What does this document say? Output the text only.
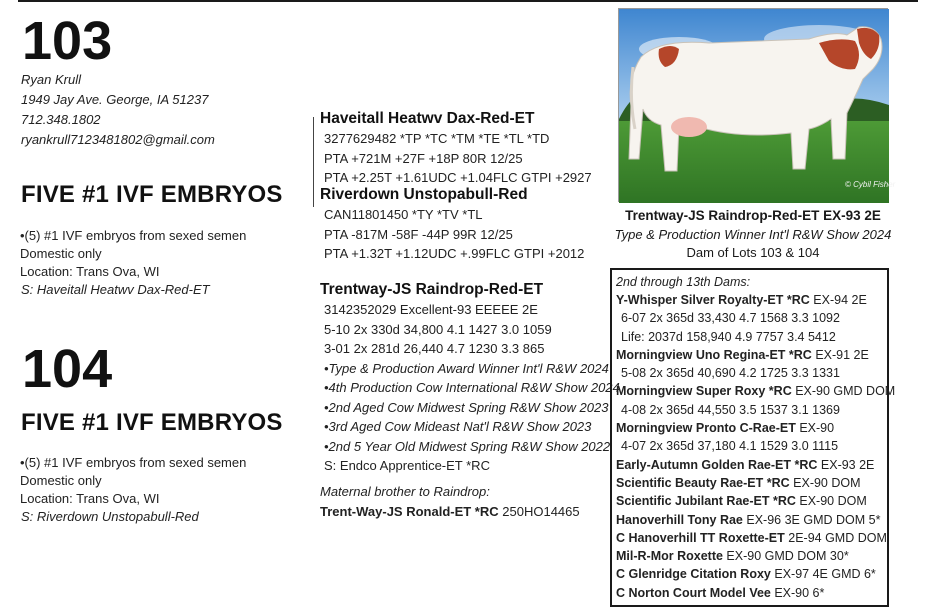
103
Ryan Krull
1949 Jay Ave. George, IA 51237
712.348.1802
ryankrull7123481802@gmail.com
FIVE #1 IVF EMBRYOS
•(5) #1 IVF embryos from sexed semen
Domestic only
Location: Trans Ova, WI
S: Haveitall Heatwv Dax-Red-ET
104
FIVE #1 IVF EMBRYOS
•(5) #1 IVF embryos from sexed semen
Domestic only
Location: Trans Ova, WI
S: Riverdown Unstopabull-Red
Haveitall Heatwv Dax-Red-ET
3277629482 *TP *TC *TM *TE *TL *TD
PTA +721M +27F +18P 80R 12/25
PTA +2.25T +1.61UDC +1.04FLC GTPI +2927
Riverdown Unstopabull-Red
CAN11801450 *TY *TV *TL
PTA -817M -58F -44P 99R 12/25
PTA +1.32T +1.12UDC +.99FLC GTPI +2012
Trentway-JS Raindrop-Red-ET
3142352029 Excellent-93 EEEEE 2E
5-10 2x 330d 34,800 4.1 1427 3.0 1059
3-01 2x 281d 26,440 4.7 1230 3.3 865
•Type & Production Award Winner Int'l R&W 2024
•4th Production Cow International R&W Show 2024
•2nd Aged Cow Midwest Spring R&W Show 2023
•3rd Aged Cow Mideast Nat'l R&W Show 2023
•2nd 5 Year Old Midwest Spring R&W Show 2022
S: Endco Apprentice-ET *RC
Maternal brother to Raindrop:
Trent-Way-JS Ronald-ET *RC 250HO14465
© Cybil Fisher
Trentway-JS Raindrop-Red-ET EX-93 2E
Type & Production Winner Int'l R&W Show 2024
Dam of Lots 103 & 104
2nd through 13th Dams:
Y-Whisper Silver Royalty-ET *RC EX-94 2E
6-07 2x 365d 33,430 4.7 1568 3.3 1092
Life: 2037d 158,940 4.9 7757 3.4 5412
Morningview Uno Regina-ET *RC EX-91 2E
5-08 2x 365d 40,690 4.2 1725 3.3 1331
Morningview Super Roxy *RC EX-90 GMD DOM
4-08 2x 365d 44,550 3.5 1537 3.1 1369
Morningview Pronto C-Rae-ET EX-90
4-07 2x 365d 37,180 4.1 1529 3.0 1115
Early-Autumn Golden Rae-ET *RC EX-93 2E
Scientific Beauty Rae-ET *RC EX-90 DOM
Scientific Jubilant Rae-ET *RC EX-90 DOM
Hanoverhill Tony Rae EX-96 3E GMD DOM 5*
C Hanoverhill TT Roxette-ET 2E-94 GMD DOM
Mil-R-Mor Roxette EX-90 GMD DOM 30*
C Glenridge Citation Roxy EX-97 4E GMD 6*
C Norton Court Model Vee EX-90 6*
